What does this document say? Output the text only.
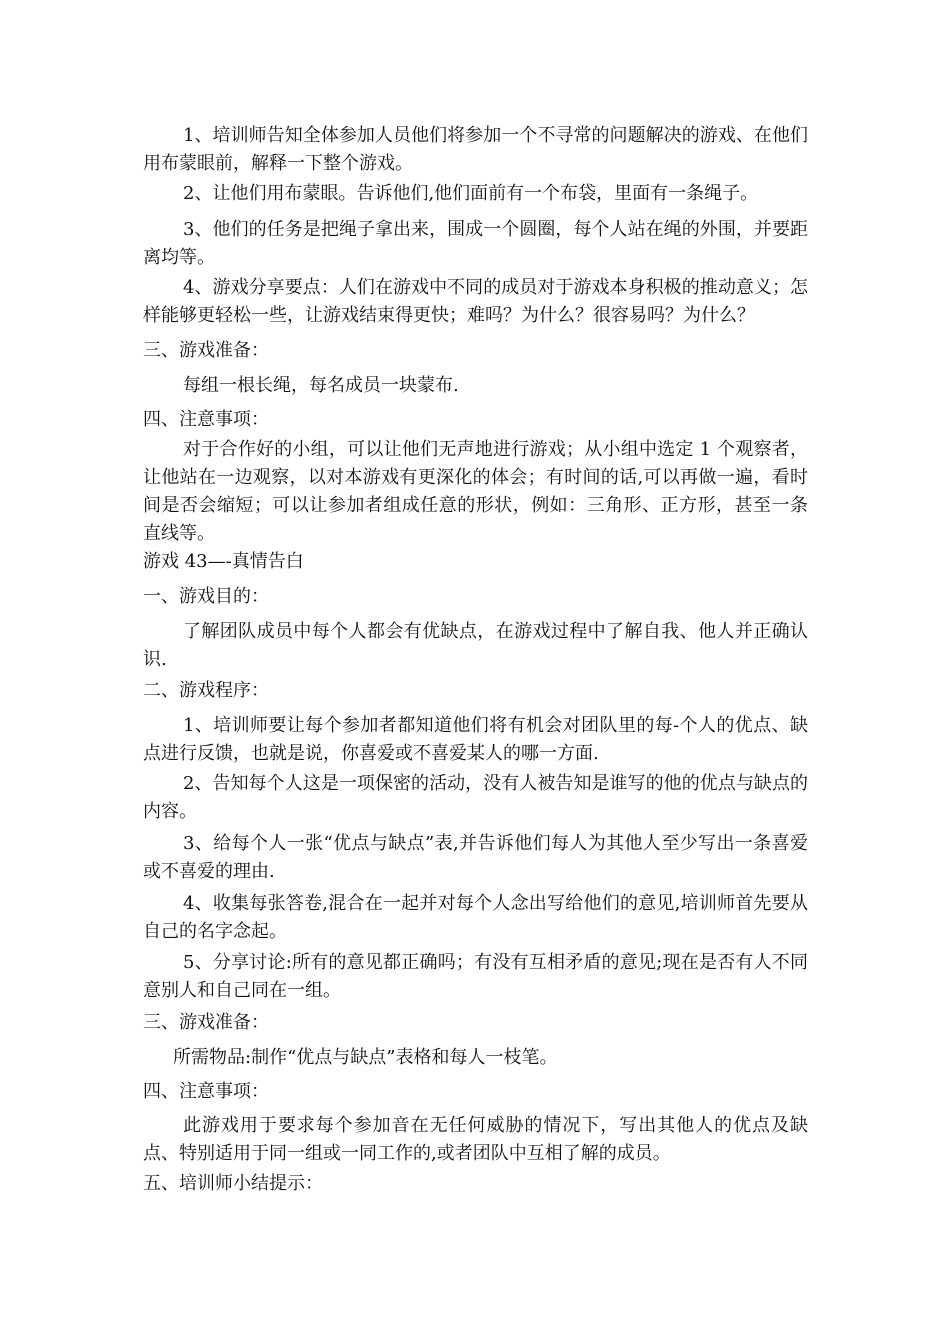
1、培训师告知全体参加人员他们将参加一个不寻常的问题解决的游戏、在他们用布蒙眼前，解释一下整个游戏。

2、让他们用布蒙眼。告诉他们,他们面前有一个布袋，里面有一条绳子。

3、他们的任务是把绳子拿出来，围成一个圆圈，每个人站在绳的外围，并要距离均等。

4、游戏分享要点：人们在游戏中不同的成员对于游戏本身积极的推动意义；怎样能够更轻松一些，让游戏结束得更快；难吗？为什么？很容易吗？为什么？

三、游戏准备：

每组一根长绳，每名成员一块蒙布.

四、注意事项：

对于合作好的小组，可以让他们无声地进行游戏；从小组中选定 1 个观察者，让他站在一边观察，以对本游戏有更深化的体会；有时间的话,可以再做一遍，看时间是否会缩短；可以让参加者组成任意的形状，例如：三角形、正方形，甚至一条直线等。

游戏 43—-真情告白

一、游戏目的：

了解团队成员中每个人都会有优缺点，在游戏过程中了解自我、他人并正确认识.

二、游戏程序：

1、培训师要让每个参加者都知道他们将有机会对团队里的每-个人的优点、缺点进行反馈，也就是说，你喜爱或不喜爱某人的哪一方面.

2、告知每个人这是一项保密的活动，没有人被告知是谁写的他的优点与缺点的内容。

3、给每个人一张“优点与缺点”表,并告诉他们每人为其他人至少写出一条喜爱或不喜爱的理由.

4、收集每张答卷,混合在一起并对每个人念出写给他们的意见,培训师首先要从自己的名字念起。

5、分享讨论:所有的意见都正确吗；有没有互相矛盾的意见;现在是否有人不同意别人和自己同在一组。

三、游戏准备：

所需物品:制作“优点与缺点”表格和每人一枝笔。

四、注意事项：

此游戏用于要求每个参加音在无任何威胁的情况下，写出其他人的优点及缺点、特别适用于同一组或一同工作的,或者团队中互相了解的成员。

五、培训师小结提示：
